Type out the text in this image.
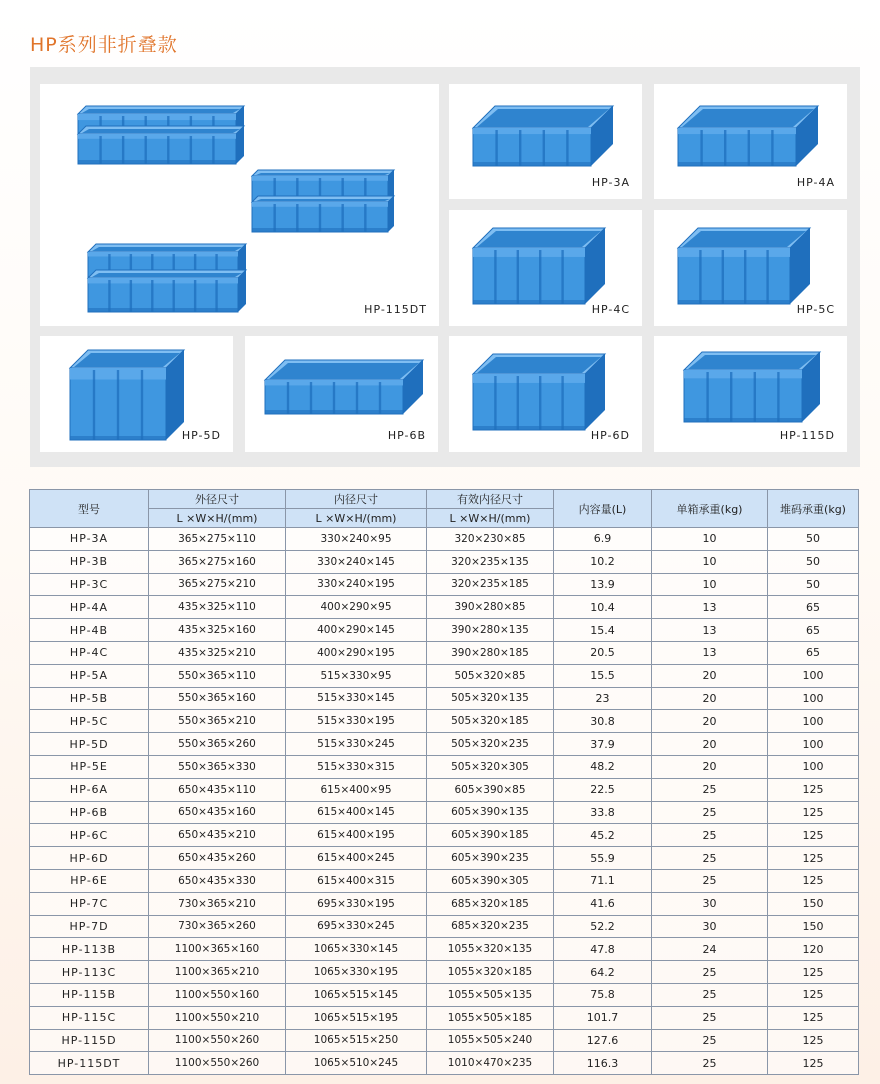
HP系列非折叠款
HP-115DT
HP-3A	HP-4A
HP-4C	HP-5C
HP-5D	HP-6B	HP-6D	HP-115D
型号	外径尺寸	内径尺寸	有效内径尺寸	内容量(L)	单箱承重(kg)	堆码承重(kg)
	L ×W×H/(mm)	L ×W×H/(mm)	L ×W×H/(mm)			
HP-3A	365×275×110	330×240×95	320×230×85	6.9	10	50
HP-3B	365×275×160	330×240×145	320×235×135	10.2	10	50
HP-3C	365×275×210	330×240×195	320×235×185	13.9	10	50
HP-4A	435×325×110	400×290×95	390×280×85	10.4	13	65
HP-4B	435×325×160	400×290×145	390×280×135	15.4	13	65
HP-4C	435×325×210	400×290×195	390×280×185	20.5	13	65
HP-5A	550×365×110	515×330×95	505×320×85	15.5	20	100
HP-5B	550×365×160	515×330×145	505×320×135	23	20	100
HP-5C	550×365×210	515×330×195	505×320×185	30.8	20	100
HP-5D	550×365×260	515×330×245	505×320×235	37.9	20	100
HP-5E	550×365×330	515×330×315	505×320×305	48.2	20	100
HP-6A	650×435×110	615×400×95	605×390×85	22.5	25	125
HP-6B	650×435×160	615×400×145	605×390×135	33.8	25	125
HP-6C	650×435×210	615×400×195	605×390×185	45.2	25	125
HP-6D	650×435×260	615×400×245	605×390×235	55.9	25	125
HP-6E	650×435×330	615×400×315	605×390×305	71.1	25	125
HP-7C	730×365×210	695×330×195	685×320×185	41.6	30	150
HP-7D	730×365×260	695×330×245	685×320×235	52.2	30	150
HP-113B	1100×365×160	1065×330×145	1055×320×135	47.8	24	120
HP-113C	1100×365×210	1065×330×195	1055×320×185	64.2	25	125
HP-115B	1100×550×160	1065×515×145	1055×505×135	75.8	25	125
HP-115C	1100×550×210	1065×515×195	1055×505×185	101.7	25	125
HP-115D	1100×550×260	1065×515×250	1055×505×240	127.6	25	125
HP-115DT	1100×550×260	1065×510×245	1010×470×235	116.3	25	125
